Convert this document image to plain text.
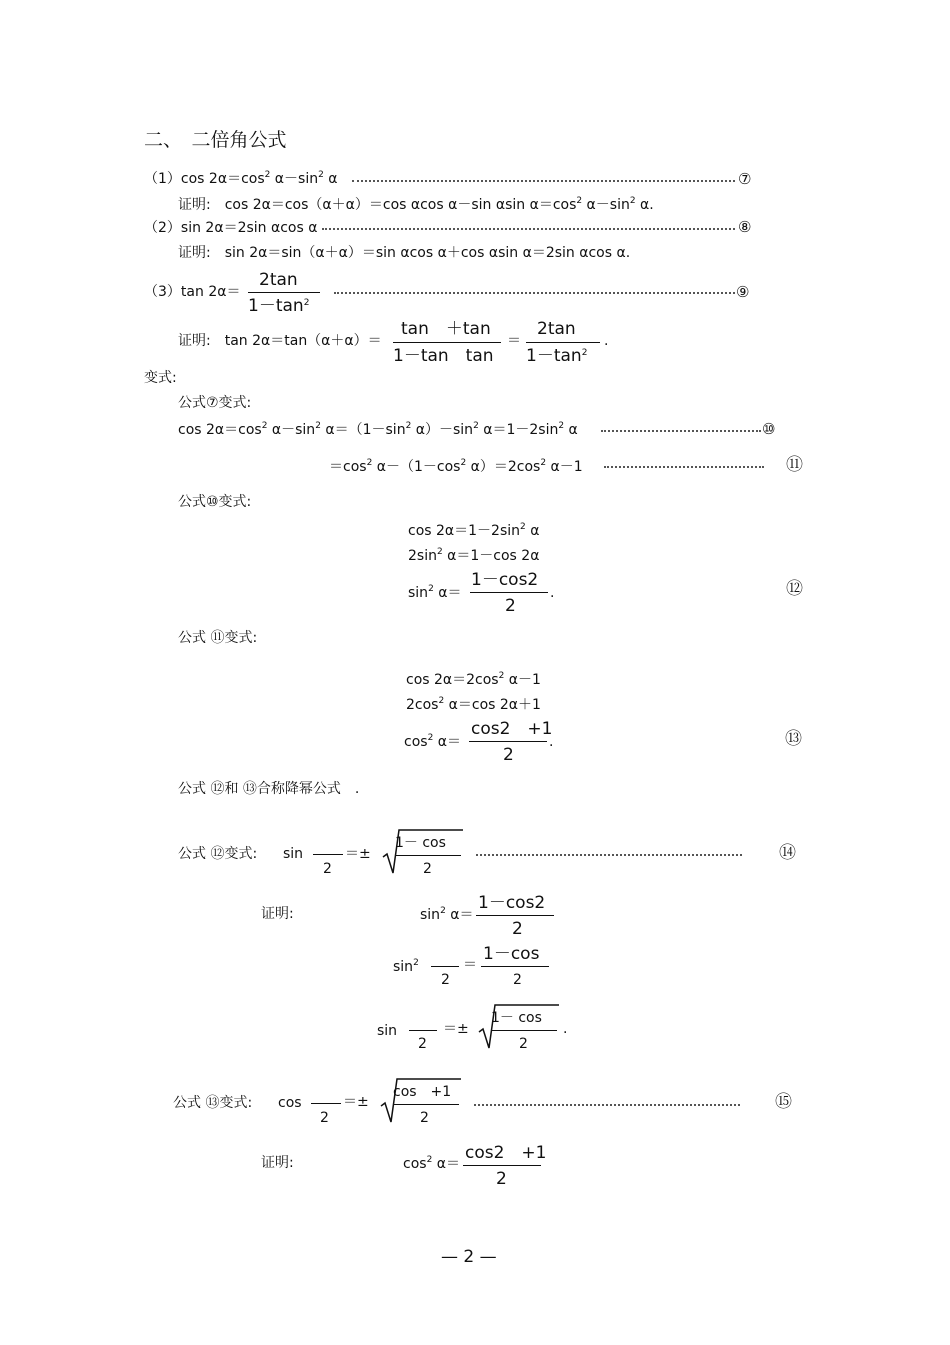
二、　二倍角公式
（1）cos $2\alpha=\cos^2$ $\alpha-\sin^2$ α	⑦
证明:　 cos 2α＝cos（α＋α）＝cos αcos α－sin αsin $\alpha=\cos^2$ $\alpha-\sin^2$ α.
（2）sin 2α＝2sin αcos α	⑧
证明:　 sin 2α＝sin（α＋α）＝sin αcos α＋cos αsin α＝2sin αcos α.
（3）tan 2α＝
2tan
$1-\tan^2$
⑨
证明:　 tan 2α＝tan（α＋α）＝
tan　＋tan
1－tan　tan
＝
2tan
$1-\tan^2$
.
变式:
公式⑦变式:
$\cos 2\alpha=\cos^2$ $\alpha-\sin^2$ $\alpha=(1-\sin^2$ $\alpha)-\sin^2$ $\alpha=1-2\sin^2$ α	⑩
$=\cos^2$ $\alpha-(1-\cos^2$ $\alpha)=2\cos^2$ α－1	⑪
公式⑩变式:
$\cos 2\alpha=1-2\sin^2$ α
$2\sin^2$ α＝1－cos 2α
$\sin^2 \alpha=$
1－cos2
2
.	⑫
公式 ⑪变式:
$\cos 2\alpha=2\cos^2$ α－1
$2\cos^2$ α＝cos 2α＋1
$\cos^2 \alpha=$
cos2　+1
2
.	⑬
公式 ⑫和 ⑬合称降幂公式　.
公式 ⑫变式: sin
2
＝±
1－ cos
2
⑭
证明:	$\sin^2 \alpha=$
1－cos2
2
$\sin^2$
2
＝
1－cos
2
sin
2
＝±
1－ cos
2
.
公式 ⑬变式: cos
2
＝±
cos　+1
2
⑮
证明:	$\cos^2 \alpha=$
cos2　+1
2
— 2 —
